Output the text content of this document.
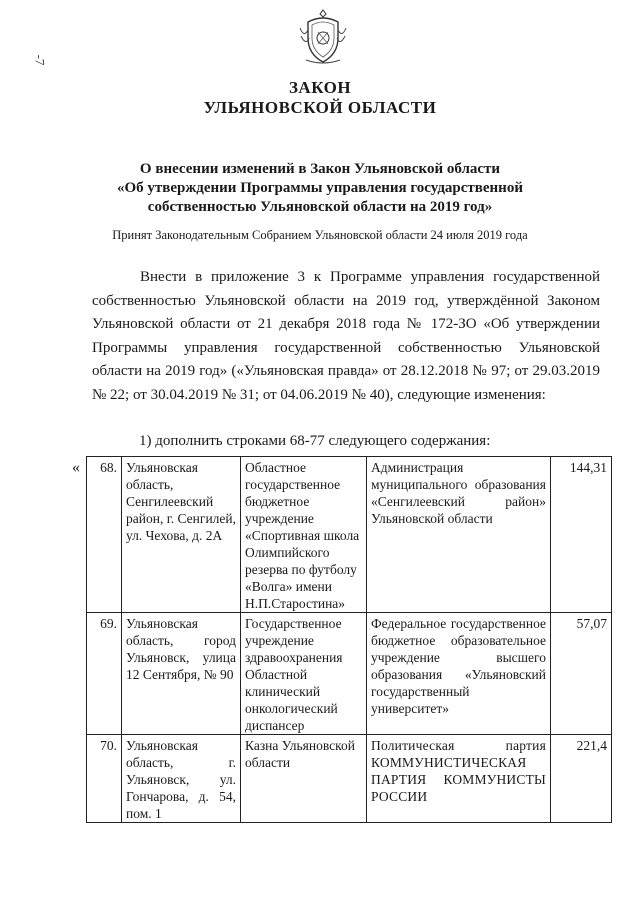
-7
ЗАКОН
УЛЬЯНОВСКОЙ ОБЛАСТИ
О внесении изменений в Закон Ульяновской области
«Об утверждении Программы управления государственной
собственностью Ульяновской области на 2019 год»
Принят Законодательным Собранием Ульяновской области 24 июля 2019 года

Внести в приложение 3 к Программе управления государственной собственностью Ульяновской области на 2019 год, утверждённой Законом Ульяновской области от 21 декабря 2018 года № 172-ЗО «Об утверждении Программы управления государственной собственностью Ульяновской области на 2019 год» («Ульяновская правда» от 28.12.2018 № 97; от 29.03.2019 № 22; от 30.04.2019 № 31; от 04.06.2019 № 40), следующие изменения:

1) дополнить строками 68-77 следующего содержания:
« 68.	Ульяновская область, Сенгилеевский район, г. Сенгилей, ул. Чехова, д. 2А	Областное государственное бюджетное учреждение «Спортивная школа Олимпийского резерва по футболу «Волга» имени Н.П.Старостина»	Администрация муниципального образования «Сенгилеевский район» Ульяновской области	144,31
69.	Ульяновская область, город Ульяновск, улица 12 Сентября, № 90	Государственное учреждение здравоохранения Областной клинический онкологический диспансер	Федеральное государственное бюджетное образовательное учреждение высшего образования «Ульяновский государственный университет»	57,07
70.	Ульяновская область, г. Ульяновск, ул. Гончарова, д. 54, пом. 1	Казна Ульяновской области	Политическая партия КОММУНИСТИЧЕСКАЯ ПАРТИЯ КОММУНИСТЫ РОССИИ	221,4
